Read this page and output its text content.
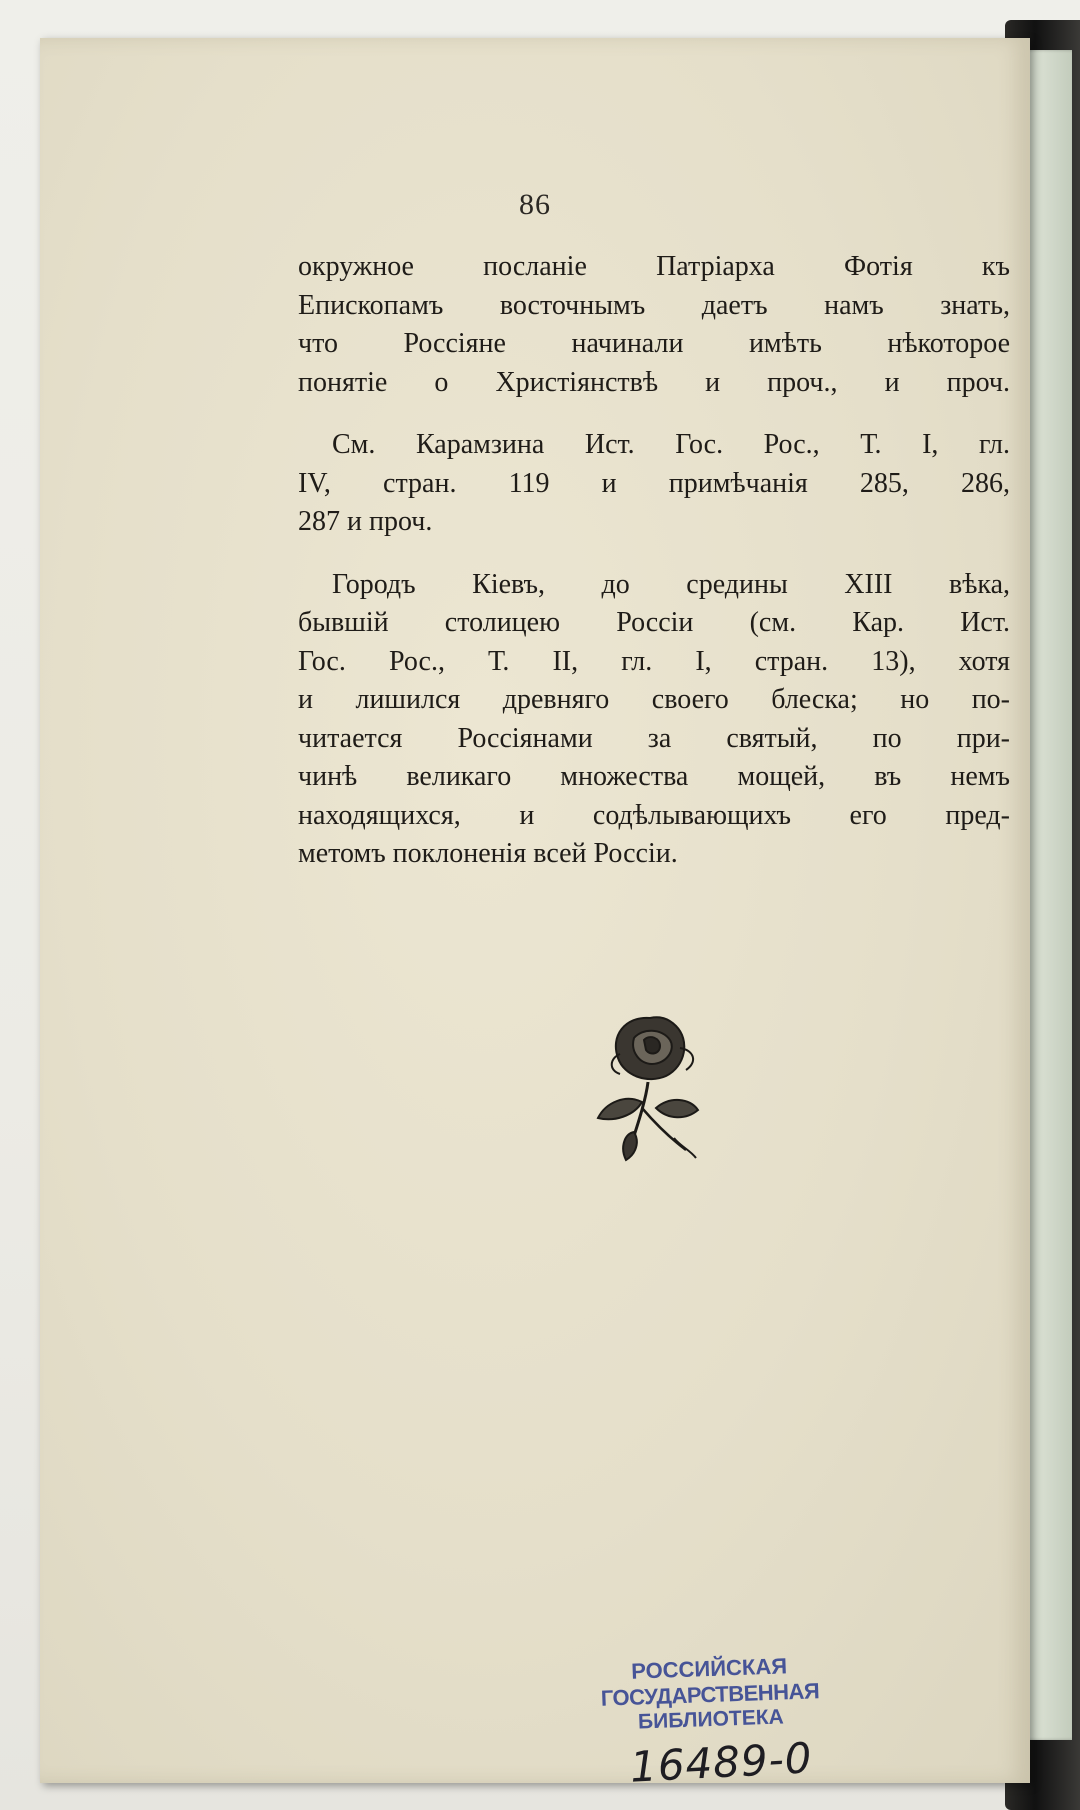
86
окружное посланіе Патріарха Фотія къ
Епископамъ восточнымъ даетъ намъ знать,
что Россіяне начинали имѣть нѣкоторое
понятіе о Христіянствѣ и проч., и проч.
См. Карамзина Ист. Гос. Рос., Т. I, гл.
IV, стран. 119 и примѣчанія 285, 286,
287 и проч.
Городъ Кіевъ, до средины XIII вѣка,
бывшій столицею Россіи (см. Кар. Ист.
Гос. Рос., Т. II, гл. I, стран. 13), хотя
и лишился древняго своего блеска; но по-
читается Россіянами за святый, по при-
чинѣ великаго множества мощей, въ немъ
находящихся, и содѣлывающихъ его пред-
метомъ поклоненія всей Россіи.
РОССИЙСКАЯ
ГОСУДАРСТВЕННАЯ
БИБЛИОТЕКА
16489-0
